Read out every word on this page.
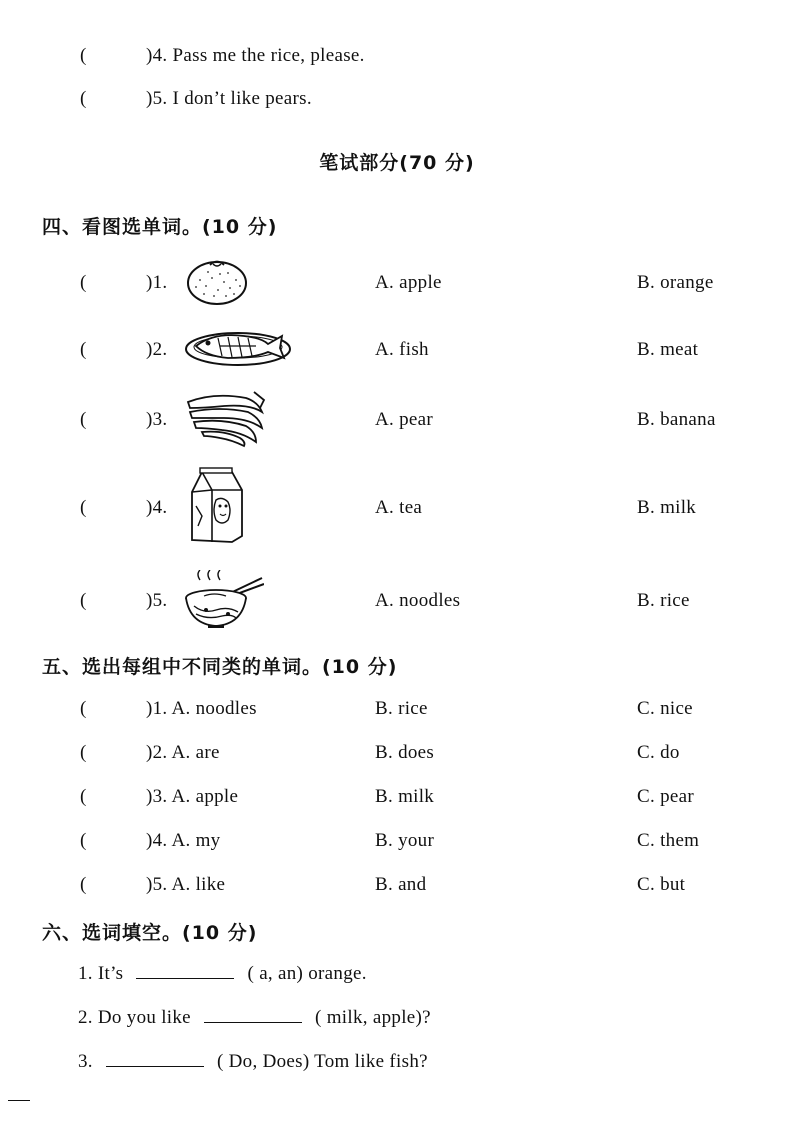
(	)4. Pass me the rice, please.
(	)5. I don’t like pears.
笔试部分(70 分)
四、看图选单词。(10 分)
(	)1.	A. apple	B. orange
(	)2.	A. fish	B. meat
(	)3.	A. pear	B. banana
(	)4.	A. tea	B. milk
(	)5.	A. noodles	B. rice
五、选出每组中不同类的单词。(10 分)
(	)1. A. noodles	B. rice	C. nice
(	)2. A. are	B. does	C. do
(	)3. A. apple	B. milk	C. pear
(	)4. A. my	B. your	C. them
(	)5. A. like	B. and	C. but
六、选词填空。(10 分)
1. It’s	( a, an) orange.
2. Do you like	( milk, apple)?
3.	( Do, Does) Tom like fish?
